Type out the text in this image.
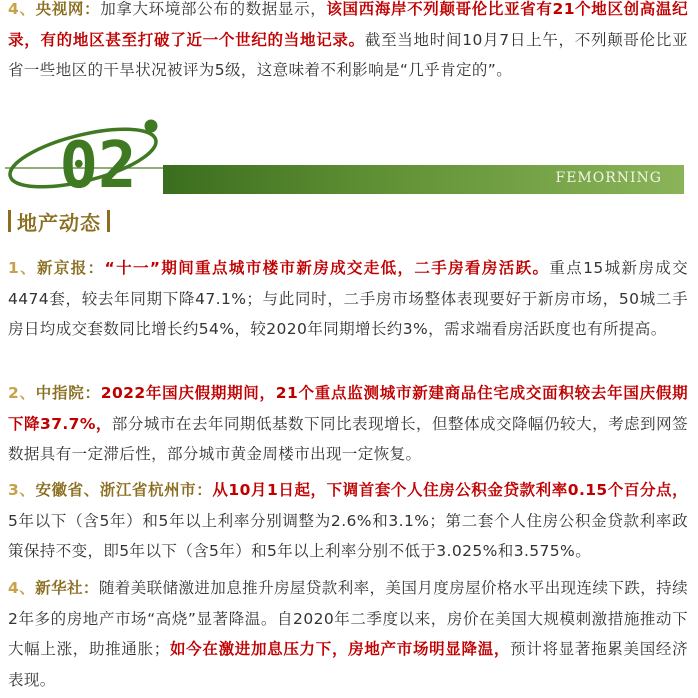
4、央视网：加拿大环境部公布的数据显示，该国西海岸不列颠哥伦比亚省有21个地区创高温纪录，有的地区甚至打破了近一个世纪的当地记录。截至当地时间10月7日上午，不列颠哥伦比亚省一些地区的干旱状况被评为5级，这意味着不利影响是“几乎肯定的”。

02	FEMORNING
地产动态

1、新京报：“十一”期间重点城市楼市新房成交走低，二手房看房活跃。重点15城新房成交4474套，较去年同期下降47.1%；与此同时，二手房市场整体表现要好于新房市场，50城二手房日均成交套数同比增长约54%，较2020年同期增长约3%，需求端看房活跃度也有所提高。

2、中指院：2022年国庆假期期间，21个重点监测城市新建商品住宅成交面积较去年国庆假期下降37.7%，部分城市在去年同期低基数下同比表现增长，但整体成交降幅仍较大，考虑到网签数据具有一定滞后性，部分城市黄金周楼市出现一定恢复。

3、安徽省、浙江省杭州市：从10月1日起，下调首套个人住房公积金贷款利率0.15个百分点，5年以下（含5年）和5年以上利率分别调整为2.6%和3.1%；第二套个人住房公积金贷款利率政策保持不变，即5年以下（含5年）和5年以上利率分别不低于3.025%和3.575%。

4、新华社：随着美联储激进加息推升房屋贷款利率，美国月度房屋价格水平出现连续下跌，持续2年多的房地产市场“高烧”显著降温。自2020年二季度以来，房价在美国大规模刺激措施推动下大幅上涨，助推通胀；如今在激进加息压力下，房地产市场明显降温，预计将显著拖累美国经济表现。
